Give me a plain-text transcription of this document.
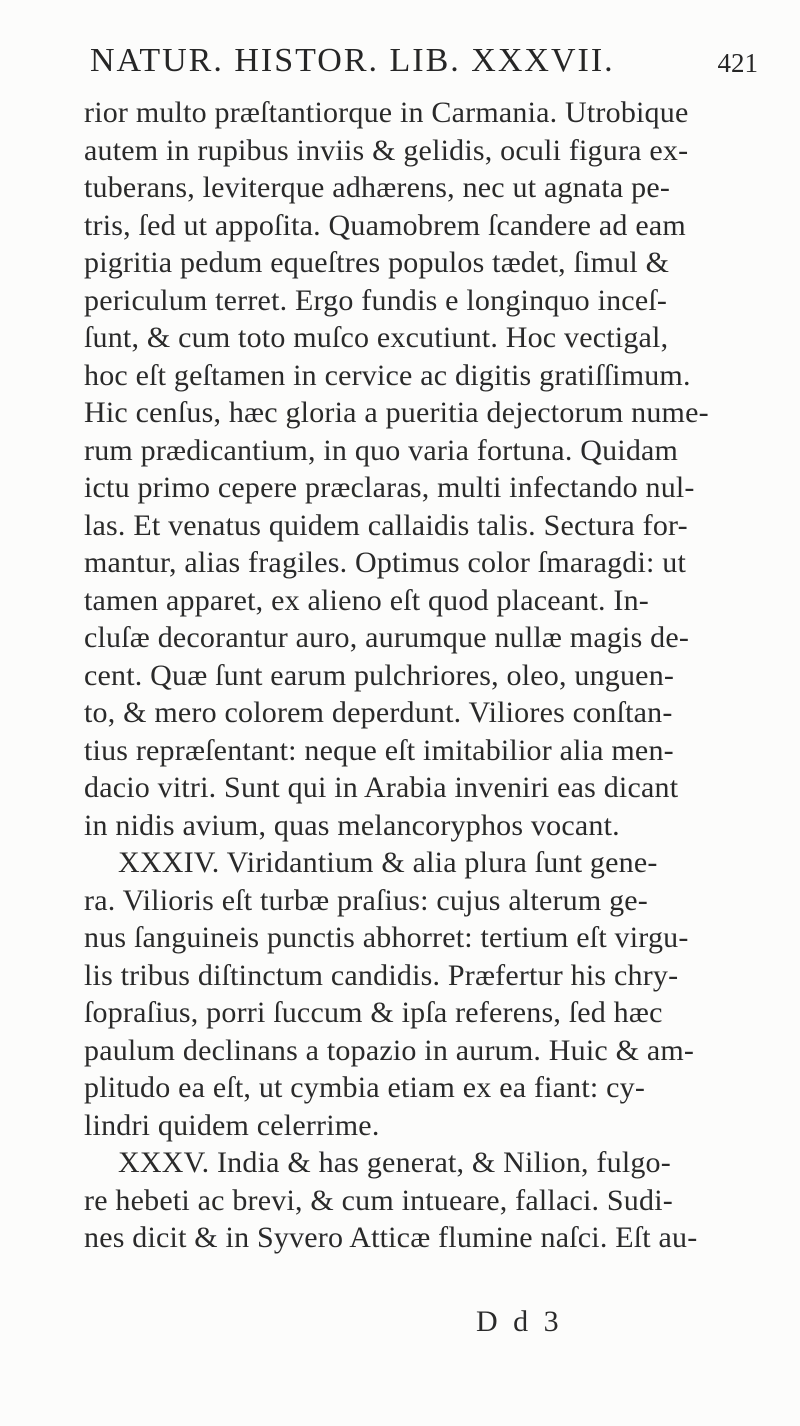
NATUR. HISTOR. LIB. XXXVII.	421
rior multo præſtantiorque in Carmania. Utrobique
autem in rupibus inviis & gelidis, oculi figura ex-
tuberans, leviterque adhærens, nec ut agnata pe-
tris, ſed ut appoſita. Quamobrem ſcandere ad eam
pigritia pedum equeſtres populos tædet, ſimul &
periculum terret. Ergo fundis e longinquo inceſ-
ſunt, & cum toto muſco excutiunt. Hoc vectigal,
hoc eſt geſtamen in cervice ac digitis gratiſſimum.
Hic cenſus, hæc gloria a pueritia dejectorum nume-
rum prædicantium, in quo varia fortuna. Quidam
ictu primo cepere præclaras, multi infectando nul-
las. Et venatus quidem callaidis talis. Sectura for-
mantur, alias fragiles. Optimus color ſmaragdi: ut
tamen apparet, ex alieno eſt quod placeant. In-
cluſæ decorantur auro, aurumque nullæ magis de-
cent. Quæ ſunt earum pulchriores, oleo, unguen-
to, & mero colorem deperdunt. Viliores conſtan-
tius repræſentant: neque eſt imitabilior alia men-
dacio vitri. Sunt qui in Arabia inveniri eas dicant
in nidis avium, quas melancoryphos vocant.
XXXIV. Viridantium & alia plura ſunt gene-
ra. Vilioris eſt turbæ praſius: cujus alterum ge-
nus ſanguineis punctis abhorret: tertium eſt virgu-
lis tribus diſtinctum candidis. Præfertur his chry-
ſopraſius, porri ſuccum & ipſa referens, ſed hæc
paulum declinans a topazio in aurum. Huic & am-
plitudo ea eſt, ut cymbia etiam ex ea fiant: cy-
lindri quidem celerrime.
XXXV. India & has generat, & Nilion, fulgo-
re hebeti ac brevi, & cum intueare, fallaci. Sudi-
nes dicit & in Syvero Atticæ flumine naſci. Eſt au-
D d 3
